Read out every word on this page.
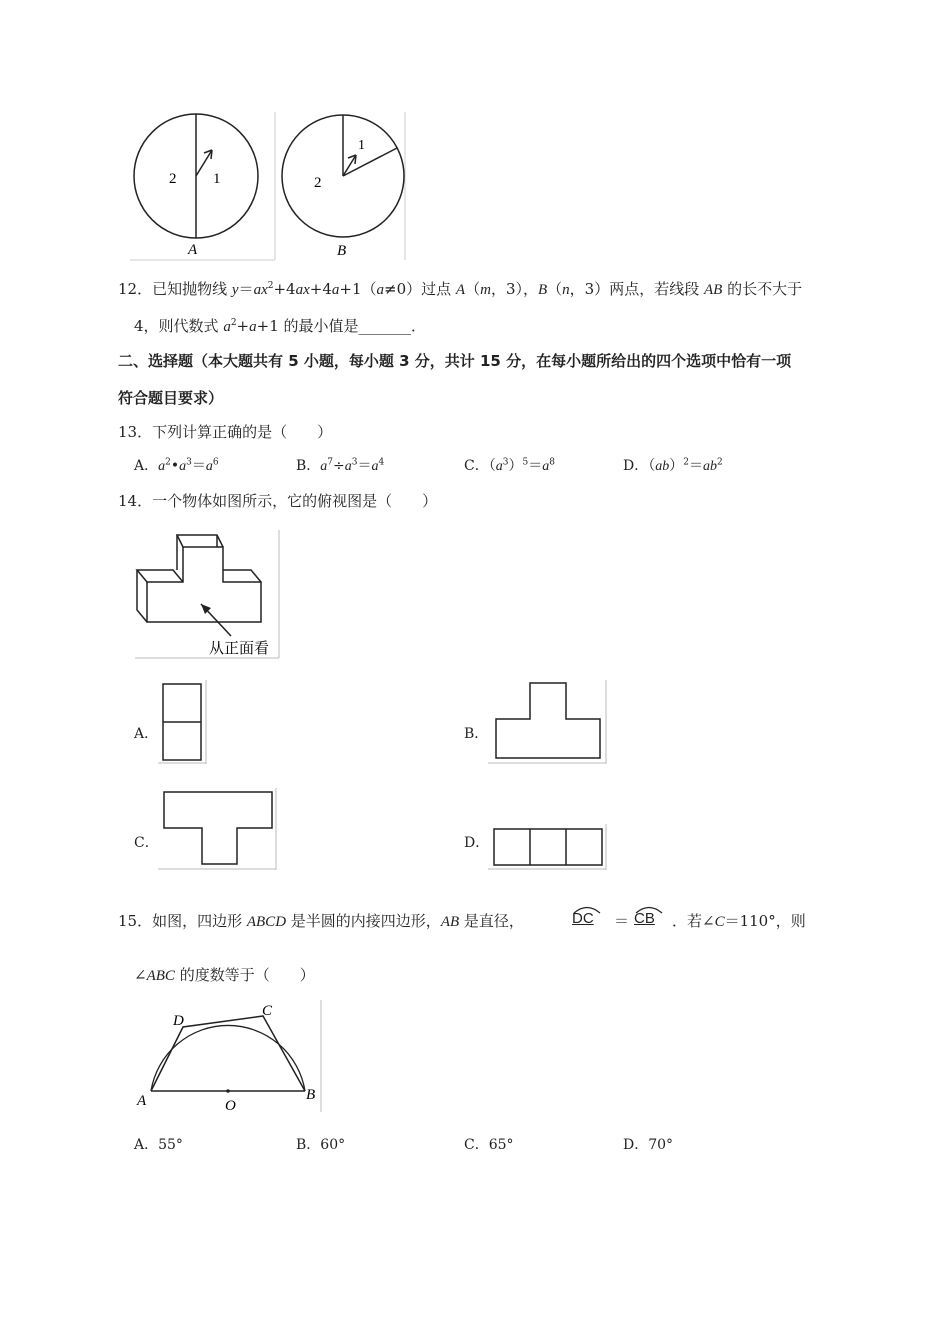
2 1
A
2
1
B
12．已知抛物线 $y=ax^2+4ax+4a+1(a\ne 0)$过点 A（m，3），B（n，3）两点，若线段 AB 的长不大于
4，则代数式 $a^2+a+1$ 的最小值是_______．
二、选择题（本大题共有 5 小题，每小题 3 分，共计 15 分，在每小题所给出的四个选项中恰有一项
符合题目要求）
13．下列计算正确的是（　　）
A．$a^2•a^3=a^6$	B．$a^7\div a^3=a^4$	C．$(a^3)^5=a^8$	D．$(ab)^2=ab^2$
14．一个物体如图所示，它的俯视图是（　　）
从正面看
A．	B．
C．	D．
15．如图，四边形 ABCD 是半圆的内接四边形，AB 是直径，	DC ＝ CB ．若∠C＝110°，则
∠ABC 的度数等于（　　）
D
C
A	O
B
A．55°	B．60°	C．65°	D．70°
